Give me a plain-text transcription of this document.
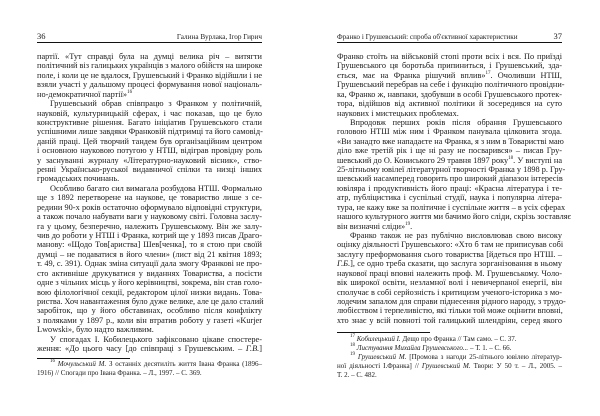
36	Галина Вурлака, Ігор Гирич
партії. «Тут справді була на думці велика річ – витягти
політичний віз галицьких українців з малого обійстя на широке
поле, і коли це не вдалося, Грушевський і Франко відійшли і не
взяли участі у дальшому процесі формування нової національ-
но-демократичної партії»$^{16}$
Грушевський обрав співпрацю з Франком у політичній,
науковій, культурницькій сферах, і час показав, що це було
конструктивне рішення. Багато ініціатив Грушевського стали
успішними лише завдяки Франковій підтримці та його самовід-
даній праці. Цей творчий тандем був організаційним центром
і основною науковою потугою у НТШ, відіграв провідну роль
у заснуванні журналу «Літературно-науковий вісник», ство-
ренні Українсько-руської видавничої спілки та низці інших
громадських починань.
Особливо багато сил вимагала розбудова НТШ. Формально
ще з 1892 перетворене на наукове, це товариство лише з се-
редини 90-х років остаточно оформувало відповідні структури,
а також почало набувати ваги у науковому світі. Головна заслу-
га у цьому, безперечно, належить Грушевському. Він же залу-
чив до роботи у НТШ і Франка, котрий ще у 1893 писав Драго-
манову: «Щодо Тов[ариства] Шев[ченка], то я стою при своїй
думці – не подаватися в його члени» (лист від 21 квітня 1893;
т. 49, с. 391). Однак зміна ситуації дала змогу Франкові не про-
сто активніше друкуватися у виданнях Товариства, а посісти
одне з чільних місць у його керівництві, зокрема, він став голо-
вою філологічної секції, редактором цілої низки видань. Това-
риства. Хоч навантаження було дуже велике, але це дало сталий
заробіток, що у його обставинах, особливо після конфлікту
з поляками у 1897 р., коли він втратив роботу у газеті «Kurjer
Lwowski», було надто важливим.
У спогадах І. Кобилецького зафіксовано цікаве спостере-
ження: «До цього часу [до співпраці з Грушевським. – Г.В.]
$^{16}$ Мочульський М. З останніх десятиліть життя Івана Франка (1896–
1916) // Спогади про Івана Франка. – Л., 1997. – С. 369.
Франко і Грушевський: спроба об'єктивної характеристики	37
Франко стоїть на військовій стопі проти всіх і вся. По приїзді
Грушевського ця боротьба припиниться, і Грушевський, зда-
ється, має на Франка рішучий вплив»$^{17}$. Очоливши НТШ,
Грушевський перебрав на себе і функцію політичного провідни-
ка, Франко ж, навпаки, здобувши в особі Грушевського протек-
тора, відійшов від активної політики й зосередився на суто
наукових і мистецьких проблемах.
Впродовж перших років після обрання Грушевського
головою НТШ між ним і Франком панувала цілковита згода.
«Ви занадто вже нападаєте на Франка, я з ним в Товаристві маю
діло вже третій рік і ще ні разу не посварився» – писав Гру-
шевський до О. Кониського 29 травня 1897 року$^{18}$. У виступі на
25-літньому ювілеї літературної творчості Франка у 1898 р. Гру-
шевський насамперед говорить про широкий діапазон інтересів
ювіляра і продуктивність його праці: «Красна література і те-
атр, публіцистика і суспільні студії, наука і популярна літера-
тура, не кажу вже за політичне і суспільне життя – в усіх сферах
нашого культурного життя ми бачимо його сліди, скрізь зоставляє
він визначні сліди»$^{19}$.
Франко також не раз публічно висловлював свою високу
оцінку діяльності Грушевського: «Хто б там не приписував собі
заслугу преформовання сього товариства [йдеться про НТШ. –
Г.Б.], се одно треба сказати, що заслуга зорганізовання в ньому
наукової праці вповні належить проф. М. Грушевському. Чоло-
вік широкої освіти, незламної волі і невичерпаної енергії, він
сполучає в собі серйозність і критицизм ученого-історика з мо-
лодечим запалом для справи піднесення рідного народу, з трудо-
любієством і терпеливістю, які тільки той може оцінити вповні,
хто знає у всій повноті той галицький шлендріян, серед якого
$^{17}$ Кобилецький І. Дещо про Франка // Там само. – С. 37.
$^{18}$ Листування Михайла Грушевського... – Т. 1. – С. 66.
$^{19}$ Грушевський М. [Промова з нагоди 25-літнього ювілею літератур-
ної діяльності І.Франка] // Грушевський М. Твори: У 50 т. – Л., 2005. –
Т. 2. – С. 482.
